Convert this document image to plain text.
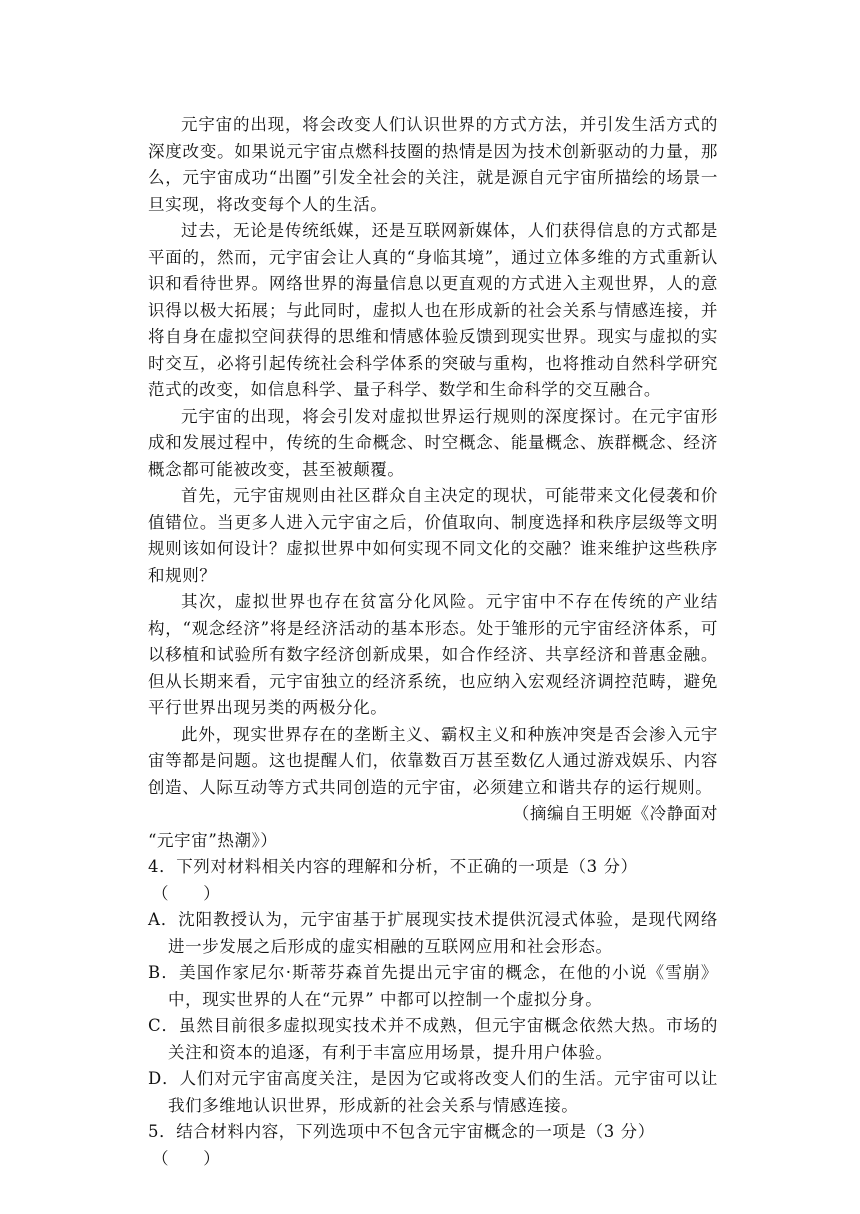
元宇宙的出现，将会改变人们认识世界的方式方法，并引发生活方式的深度改变。如果说元宇宙点燃科技圈的热情是因为技术创新驱动的力量，那么，元宇宙成功“出圈”引发全社会的关注，就是源自元宇宙所描绘的场景一旦实现，将改变每个人的生活。

过去，无论是传统纸媒，还是互联网新媒体，人们获得信息的方式都是平面的，然而，元宇宙会让人真的“身临其境”，通过立体多维的方式重新认识和看待世界。网络世界的海量信息以更直观的方式进入主观世界，人的意识得以极大拓展；与此同时，虚拟人也在形成新的社会关系与情感连接，并将自身在虚拟空间获得的思维和情感体验反馈到现实世界。现实与虚拟的实时交互，必将引起传统社会科学体系的突破与重构，也将推动自然科学研究范式的改变，如信息科学、量子科学、数学和生命科学的交互融合。

元宇宙的出现，将会引发对虚拟世界运行规则的深度探讨。在元宇宙形成和发展过程中，传统的生命概念、时空概念、能量概念、族群概念、经济概念都可能被改变，甚至被颠覆。

首先，元宇宙规则由社区群众自主决定的现状，可能带来文化侵袭和价值错位。当更多人进入元宇宙之后，价值取向、制度选择和秩序层级等文明规则该如何设计？虚拟世界中如何实现不同文化的交融？谁来维护这些秩序和规则？

其次，虚拟世界也存在贫富分化风险。元宇宙中不存在传统的产业结构，“观念经济”将是经济活动的基本形态。处于雏形的元宇宙经济体系，可以移植和试验所有数字经济创新成果，如合作经济、共享经济和普惠金融。但从长期来看，元宇宙独立的经济系统，也应纳入宏观经济调控范畴，避免平行世界出现另类的两极分化。

此外，现实世界存在的垄断主义、霸权主义和种族冲突是否会渗入元宇宙等都是问题。这也提醒人们，依靠数百万甚至数亿人通过游戏娱乐、内容创造、人际互动等方式共同创造的元宇宙，必须建立和谐共存的运行规则。

（摘编自王明姬《冷静面对

“元宇宙”热潮》）

4．下列对材料相关内容的理解和分析，不正确的一项是（3 分）

（　　）

A．沈阳教授认为，元宇宙基于扩展现实技术提供沉浸式体验，是现代网络进一步发展之后形成的虚实相融的互联网应用和社会形态。

B．美国作家尼尔·斯蒂芬森首先提出元宇宙的概念，在他的小说《雪崩》中，现实世界的人在“元界” 中都可以控制一个虚拟分身。

C．虽然目前很多虚拟现实技术并不成熟，但元宇宙概念依然大热。市场的关注和资本的追逐，有利于丰富应用场景，提升用户体验。

D．人们对元宇宙高度关注，是因为它或将改变人们的生活。元宇宙可以让我们多维地认识世界，形成新的社会关系与情感连接。

5．结合材料内容，下列选项中不包含元宇宙概念的一项是（3 分）

（　　）
